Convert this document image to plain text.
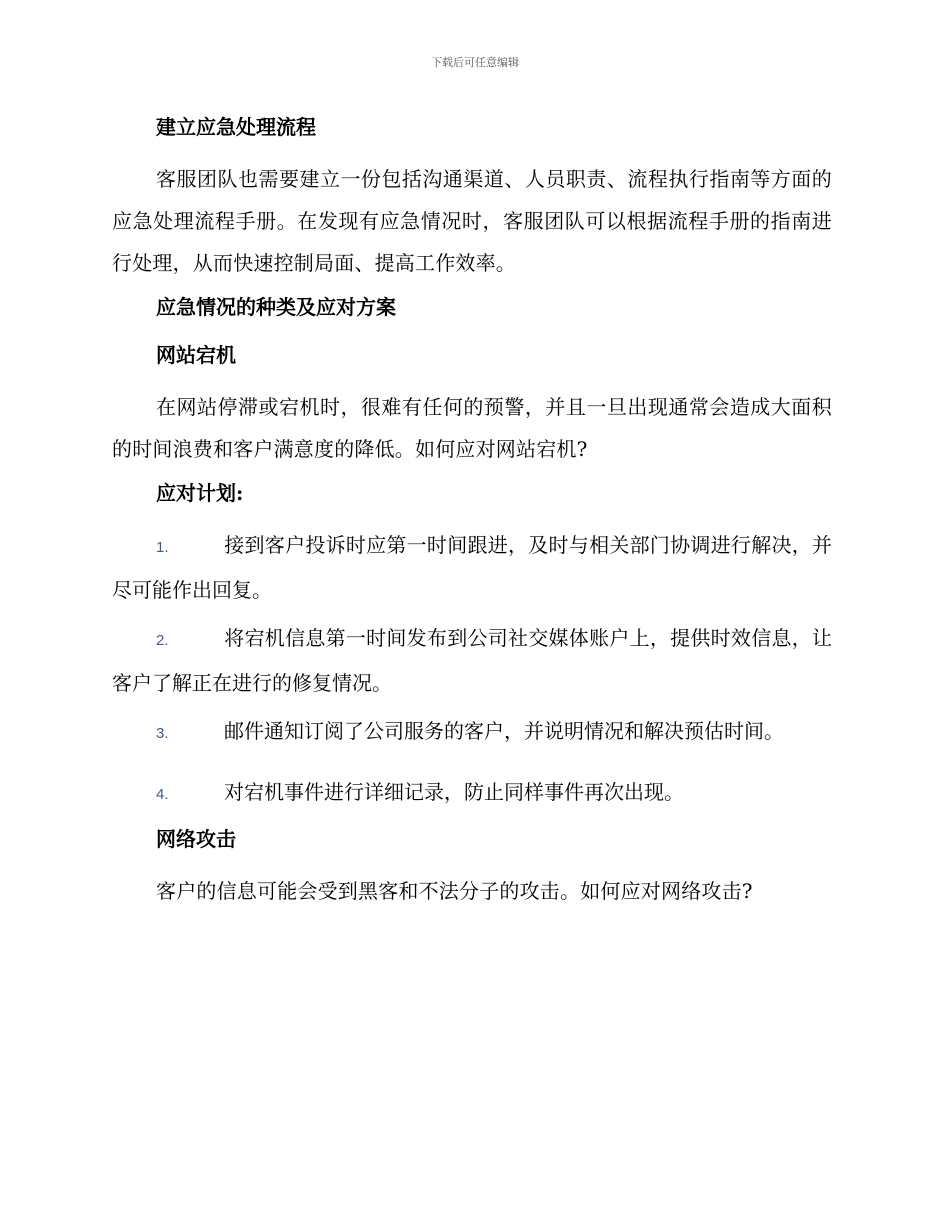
下载后可任意编辑

建立应急处理流程

客服团队也需要建立一份包括沟通渠道、人员职责、流程执行指南等方面的应急处理流程手册。在发现有应急情况时，客服团队可以根据流程手册的指南进行处理，从而快速控制局面、提高工作效率。

应急情况的种类及应对方案

网站宕机

在网站停滞或宕机时，很难有任何的预警，并且一旦出现通常会造成大面积的时间浪费和客户满意度的降低。如何应对网站宕机?

应对计划:

1.	接到客户投诉时应第一时间跟进，及时与相关部门协调进行解决，并尽可能作出回复。

2.	将宕机信息第一时间发布到公司社交媒体账户上，提供时效信息，让客户了解正在进行的修复情况。

3.	邮件通知订阅了公司服务的客户，并说明情况和解决预估时间。

4.	对宕机事件进行详细记录，防止同样事件再次出现。

网络攻击

客户的信息可能会受到黑客和不法分子的攻击。如何应对网络攻击?
